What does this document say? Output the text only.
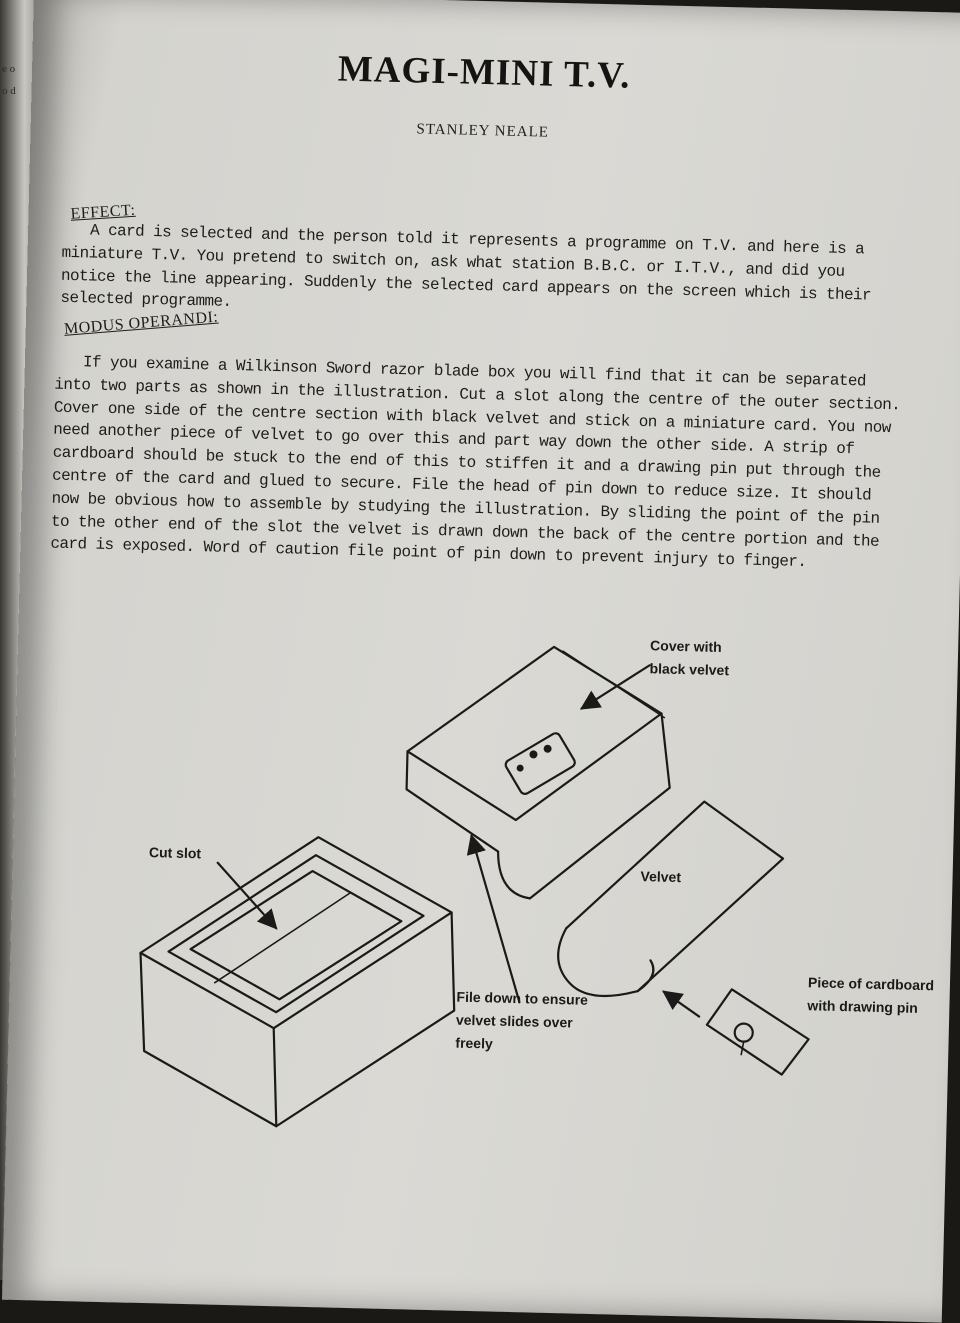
e o o d	MAGI-MINI T.V.
STANLEY NEALE
EFFECT:
A card is selected and the person told it represents a programme on T.V. and here is a miniature T.V. You pretend to switch on, ask what station B.B.C. or I.T.V., and did you notice the line appearing. Suddenly the selected card appears on the screen which is their selected programme.
MODUS OPERANDI:
If you examine a Wilkinson Sword razor blade box you will find that it can be separated into two parts as shown in the illustration. Cut a slot along the centre of the outer section. Cover one side of the centre section with black velvet and stick on a miniature card. You now need another piece of velvet to go over this and part way down the other side. A strip of cardboard should be stuck to the end of this to stiffen it and a drawing pin put through the centre of the card and glued to secure. File the head of pin down to reduce size. It should now be obvious how to assemble by studying the illustration. By sliding the point of the pin to the other end of the slot the velvet is drawn down the back of the centre portion and the card is exposed. Word of caution file point of pin down to prevent injury to finger.
Cover with
black velvet
Cut slot
Velvet
File down to ensure
velvet slides over
freely
Piece of cardboard
with drawing pin
